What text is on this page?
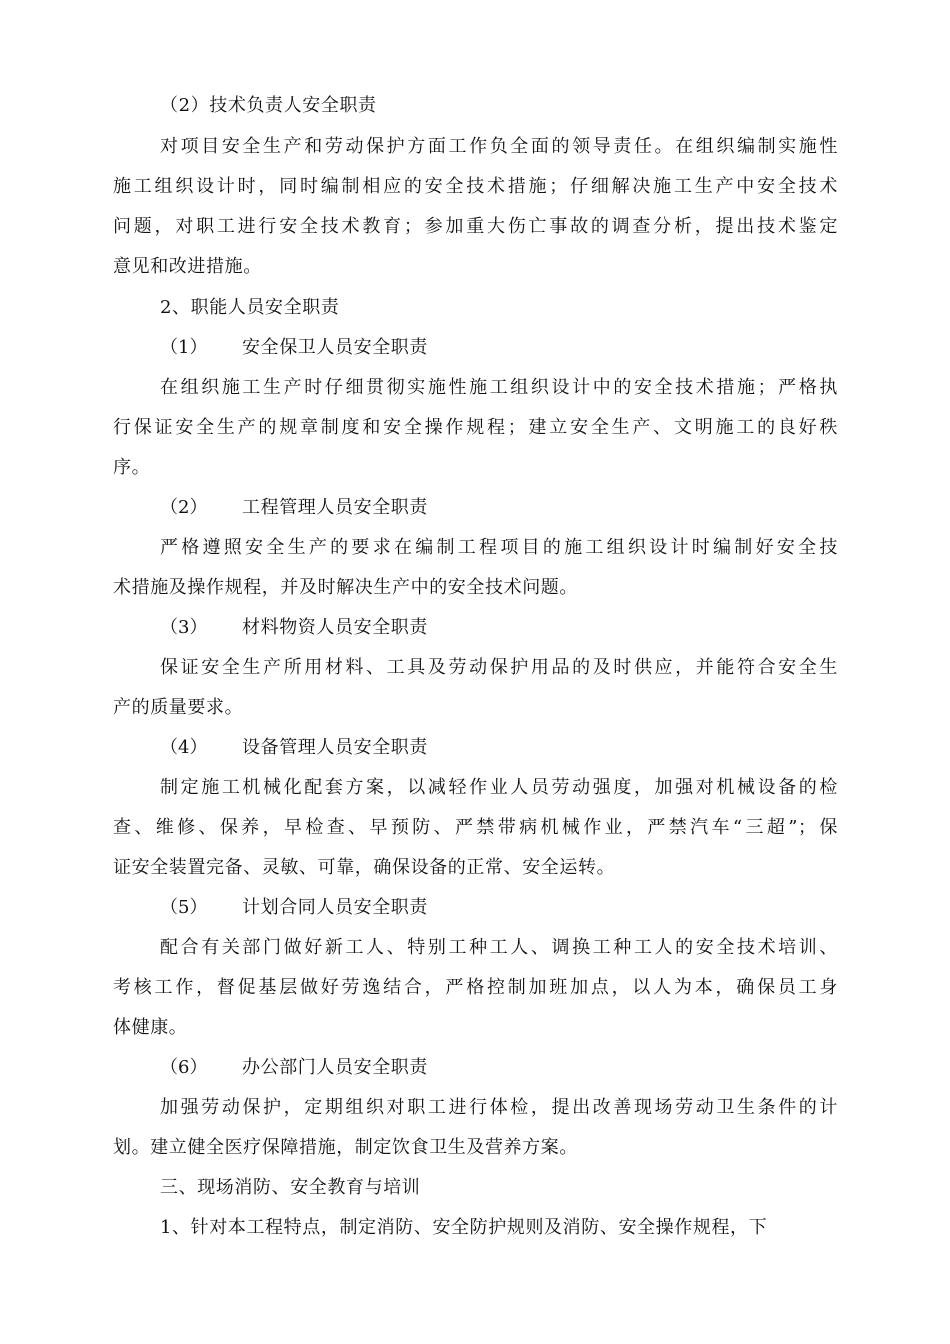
（2）技术负责人安全职责
对项目安全生产和劳动保护方面工作负全面的领导责任。在组织编制实施性
施工组织设计时，同时编制相应的安全技术措施；仔细解决施工生产中安全技术
问题，对职工进行安全技术教育；参加重大伤亡事故的调查分析，提出技术鉴定
意见和改进措施。
2、职能人员安全职责
（1） 安全保卫人员安全职责
在组织施工生产时仔细贯彻实施性施工组织设计中的安全技术措施；严格执
行保证安全生产的规章制度和安全操作规程；建立安全生产、文明施工的良好秩
序。
（2） 工程管理人员安全职责
严格遵照安全生产的要求在编制工程项目的施工组织设计时编制好安全技
术措施及操作规程，并及时解决生产中的安全技术问题。
（3） 材料物资人员安全职责
保证安全生产所用材料、工具及劳动保护用品的及时供应，并能符合安全生
产的质量要求。
（4） 设备管理人员安全职责
制定施工机械化配套方案，以减轻作业人员劳动强度，加强对机械设备的检
查、维修、保养，早检查、早预防、严禁带病机械作业，严禁汽车“三超”；保
证安全装置完备、灵敏、可靠，确保设备的正常、安全运转。
（5） 计划合同人员安全职责
配合有关部门做好新工人、特别工种工人、调换工种工人的安全技术培训、
考核工作，督促基层做好劳逸结合，严格控制加班加点，以人为本，确保员工身
体健康。
（6） 办公部门人员安全职责
加强劳动保护，定期组织对职工进行体检，提出改善现场劳动卫生条件的计
划。建立健全医疗保障措施，制定饮食卫生及营养方案。
三、现场消防、安全教育与培训
1、针对本工程特点，制定消防、安全防护规则及消防、安全操作规程，下
